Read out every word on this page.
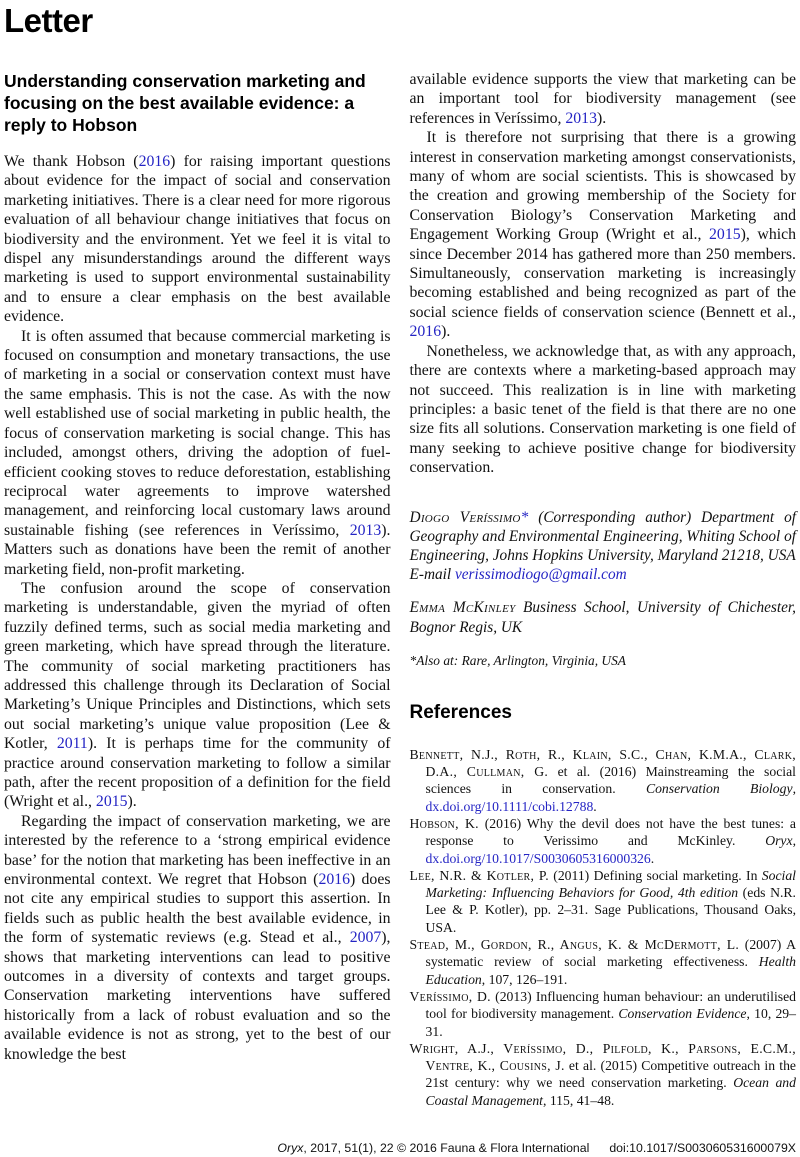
Letter
Understanding conservation marketing and focusing on the best available evidence: a reply to Hobson

We thank Hobson (2016) for raising important questions about evidence for the impact of social and conservation marketing initiatives. There is a clear need for more rigorous evaluation of all behaviour change initiatives that focus on biodiversity and the environment. Yet we feel it is vital to dispel any misunderstandings around the different ways marketing is used to support environmental sustainability and to ensure a clear emphasis on the best available evidence.

It is often assumed that because commercial marketing is focused on consumption and monetary transactions, the use of marketing in a social or conservation context must have the same emphasis. This is not the case. As with the now well established use of social marketing in public health, the focus of conservation marketing is social change. This has included, amongst others, driving the adoption of fuel-efficient cooking stoves to reduce deforestation, establishing reciprocal water agreements to improve watershed management, and reinforcing local customary laws around sustainable fishing (see references in Veríssimo, 2013). Matters such as donations have been the remit of another marketing field, non-profit marketing.

The confusion around the scope of conservation marketing is understandable, given the myriad of often fuzzily defined terms, such as social media marketing and green marketing, which have spread through the literature. The community of social marketing practitioners has addressed this challenge through its Declaration of Social Marketing’s Unique Principles and Distinctions, which sets out social marketing’s unique value proposition (Lee & Kotler, 2011). It is perhaps time for the community of practice around conservation marketing to follow a similar path, after the recent proposition of a definition for the field (Wright et al., 2015).

Regarding the impact of conservation marketing, we are interested by the reference to a ‘strong empirical evidence base’ for the notion that marketing has been ineffective in an environmental context. We regret that Hobson (2016) does not cite any empirical studies to support this assertion. In fields such as public health the best available evidence, in the form of systematic reviews (e.g. Stead et al., 2007), shows that marketing interventions can lead to positive outcomes in a diversity of contexts and target groups. Conservation marketing interventions have suffered historically from a lack of robust evaluation and so the available evidence is not as strong, yet to the best of our knowledge the best

available evidence supports the view that marketing can be an important tool for biodiversity management (see references in Veríssimo, 2013).

It is therefore not surprising that there is a growing interest in conservation marketing amongst conservationists, many of whom are social scientists. This is showcased by the creation and growing membership of the Society for Conservation Biology’s Conservation Marketing and Engagement Working Group (Wright et al., 2015), which since December 2014 has gathered more than 250 members. Simultaneously, conservation marketing is increasingly becoming established and being recognized as part of the social science fields of conservation science (Bennett et al., 2016).

Nonetheless, we acknowledge that, as with any approach, there are contexts where a marketing-based approach may not succeed. This realization is in line with marketing principles: a basic tenet of the field is that there are no one size fits all solutions. Conservation marketing is one field of many seeking to achieve positive change for biodiversity conservation.

Diogo Veríssimo* (Corresponding author) Department of Geography and Environmental Engineering, Whiting School of Engineering, Johns Hopkins University, Maryland 21218, USA
E-mail verissimodiogo@gmail.com

Emma McKinley Business School, University of Chichester, Bognor Regis, UK

*Also at: Rare, Arlington, Virginia, USA

References

Bennett, N.J., Roth, R., Klain, S.C., Chan, K.M.A., Clark, D.A., Cullman, G. et al. (2016) Mainstreaming the social sciences in conservation. Conservation Biology, dx.doi.org/10.1111/cobi.12788.

Hobson, K. (2016) Why the devil does not have the best tunes: a response to Verissimo and McKinley. Oryx, dx.doi.org/10.1017/S0030605316000326.

Lee, N.R. & Kotler, P. (2011) Defining social marketing. In Social Marketing: Influencing Behaviors for Good, 4th edition (eds N.R. Lee & P. Kotler), pp. 2–31. Sage Publications, Thousand Oaks, USA.

Stead, M., Gordon, R., Angus, K. & McDermott, L. (2007) A systematic review of social marketing effectiveness. Health Education, 107, 126–191.

Veríssimo, D. (2013) Influencing human behaviour: an underutilised tool for biodiversity management. Conservation Evidence, 10, 29–31.

Wright, A.J., Veríssimo, D., Pilfold, K., Parsons, E.C.M., Ventre, K., Cousins, J. et al. (2015) Competitive outreach in the 21st century: why we need conservation marketing. Ocean and Coastal Management, 115, 41–48.

Oryx, 2017, 51(1), 22 © 2016 Fauna & Flora International doi:10.1017/S003060531600079X
